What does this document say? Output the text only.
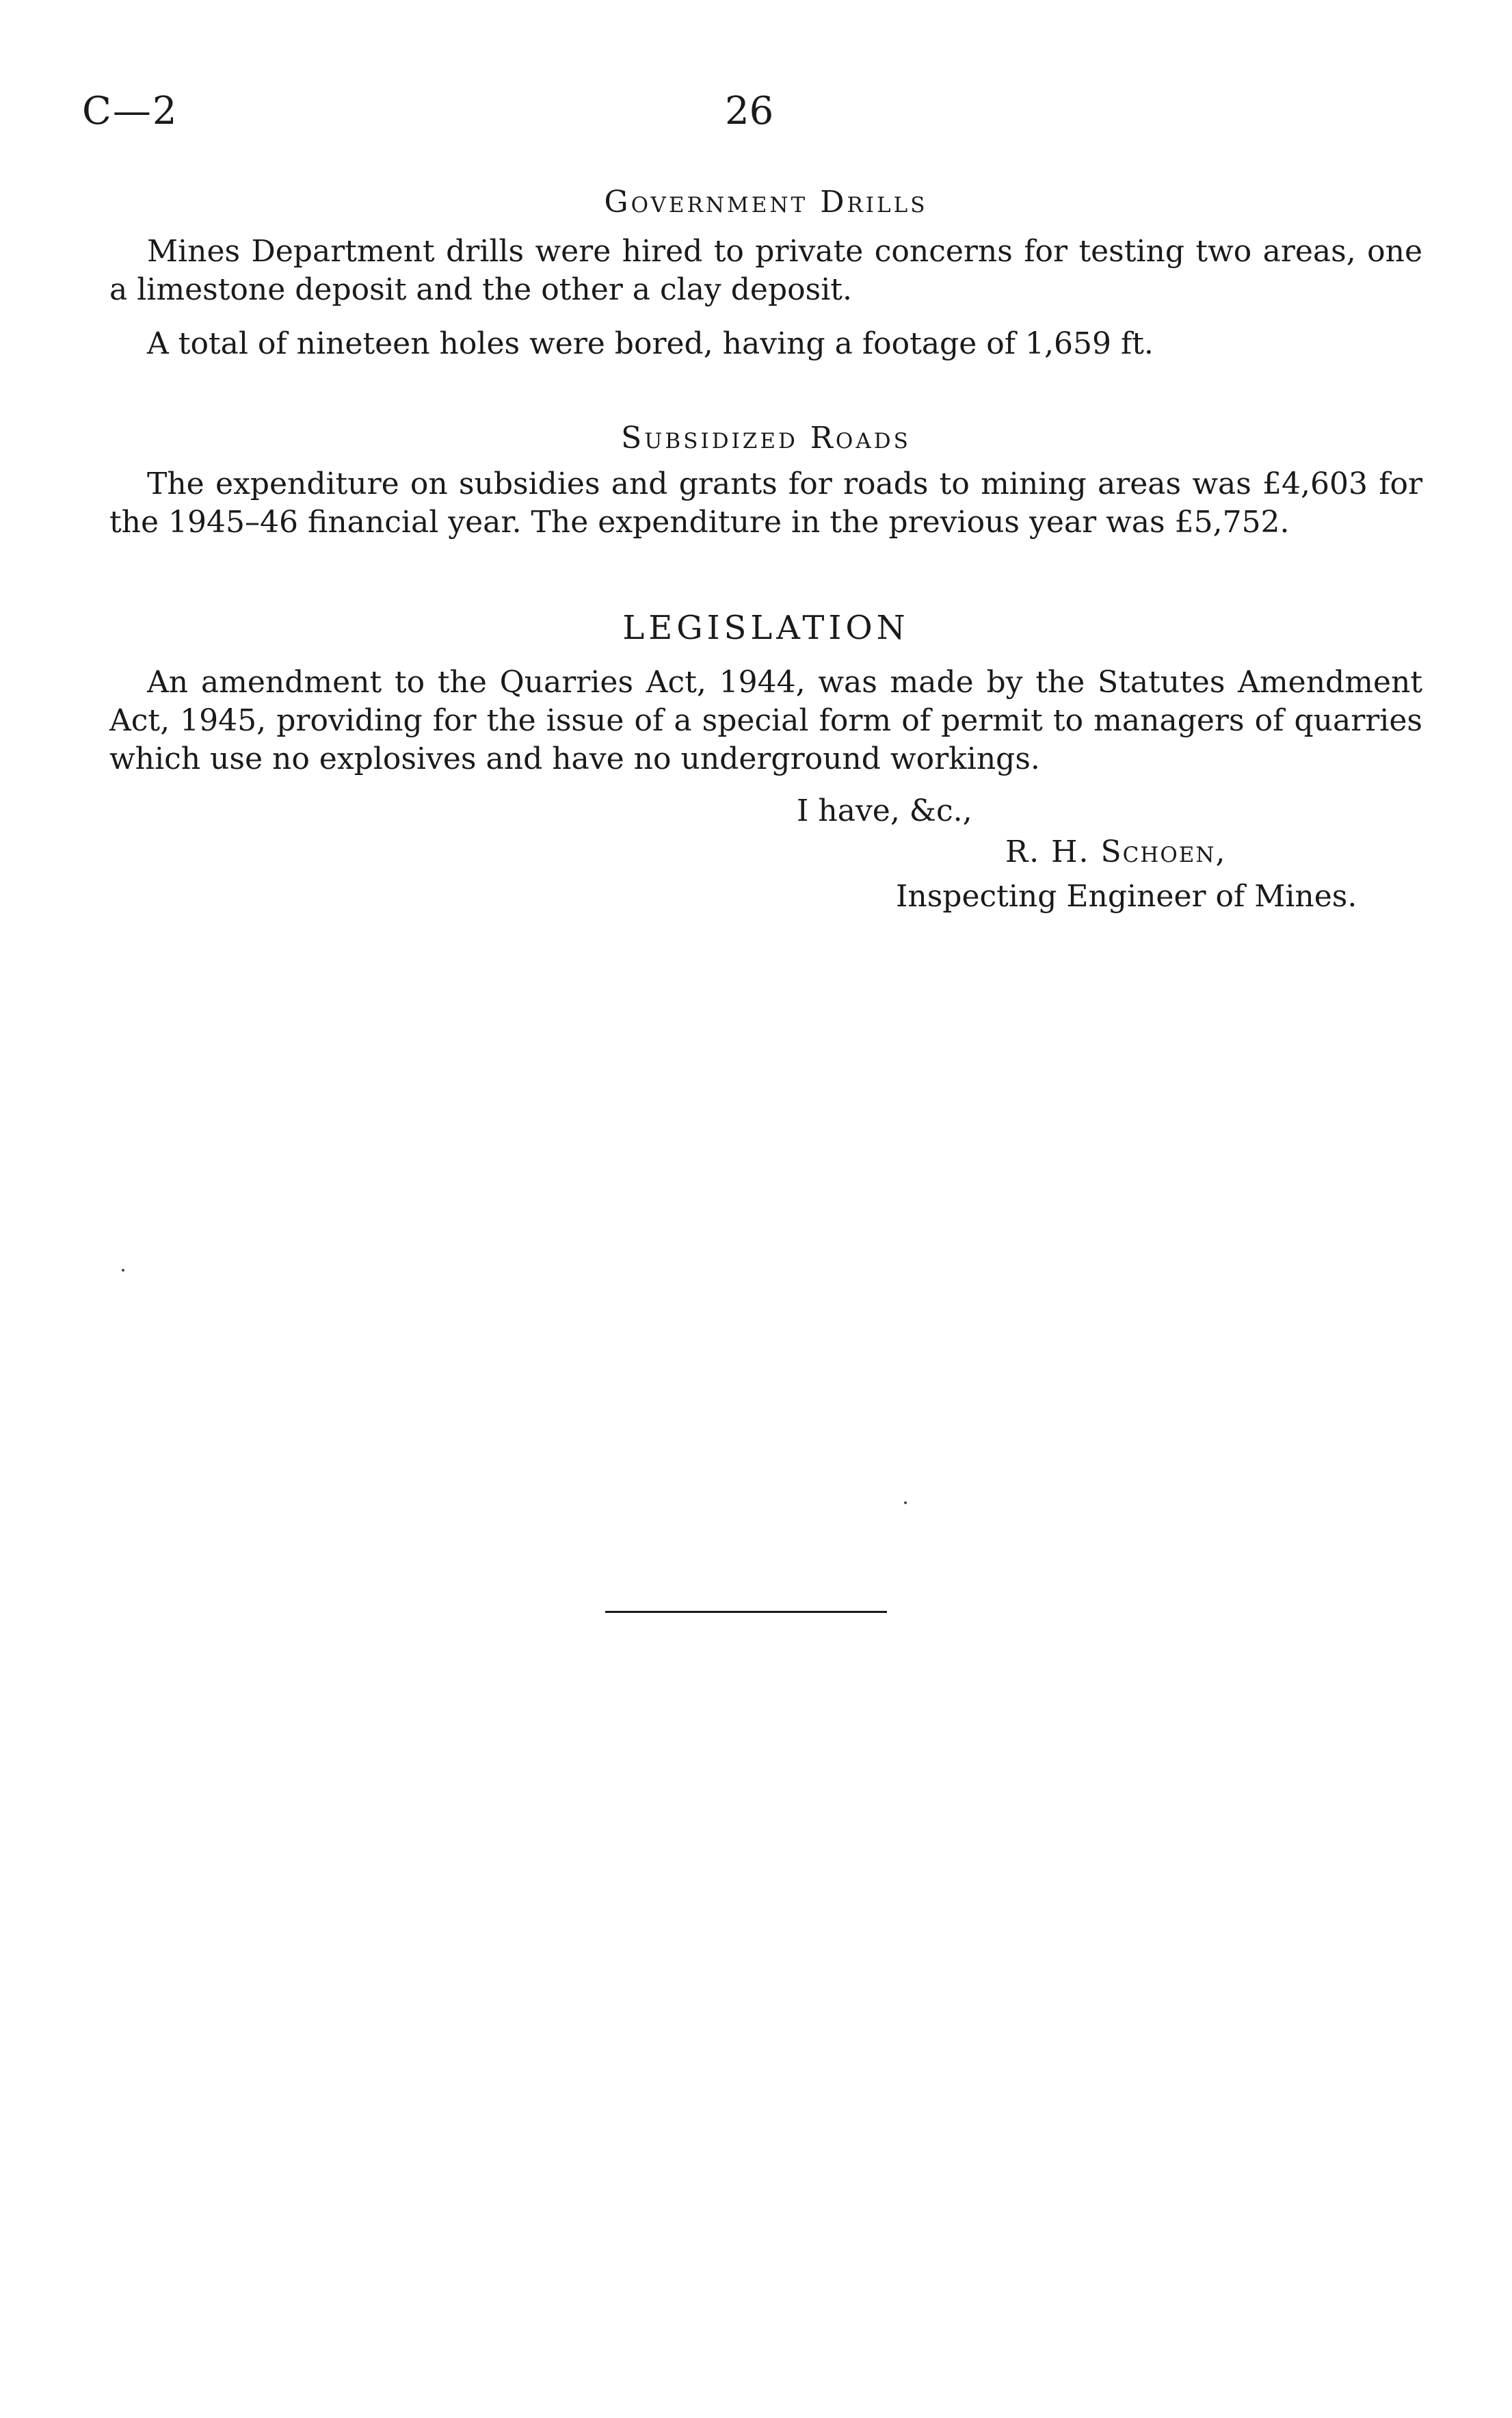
C—2	26

Government Drills

Mines Department drills were hired to private concerns for testing two areas, one a limestone deposit and the other a clay deposit.

A total of nineteen holes were bored, having a footage of 1,659 ft.

Subsidized Roads

The expenditure on subsidies and grants for roads to mining areas was £4,603 for the 1945–46 financial year. The expenditure in the previous year was £5,752.

LEGISLATION

An amendment to the Quarries Act, 1944, was made by the Statutes Amendment Act, 1945, providing for the issue of a special form of permit to managers of quarries which use no explosives and have no underground workings.

I have, &c.,
R. H. Schoen,
Inspecting Engineer of Mines.
